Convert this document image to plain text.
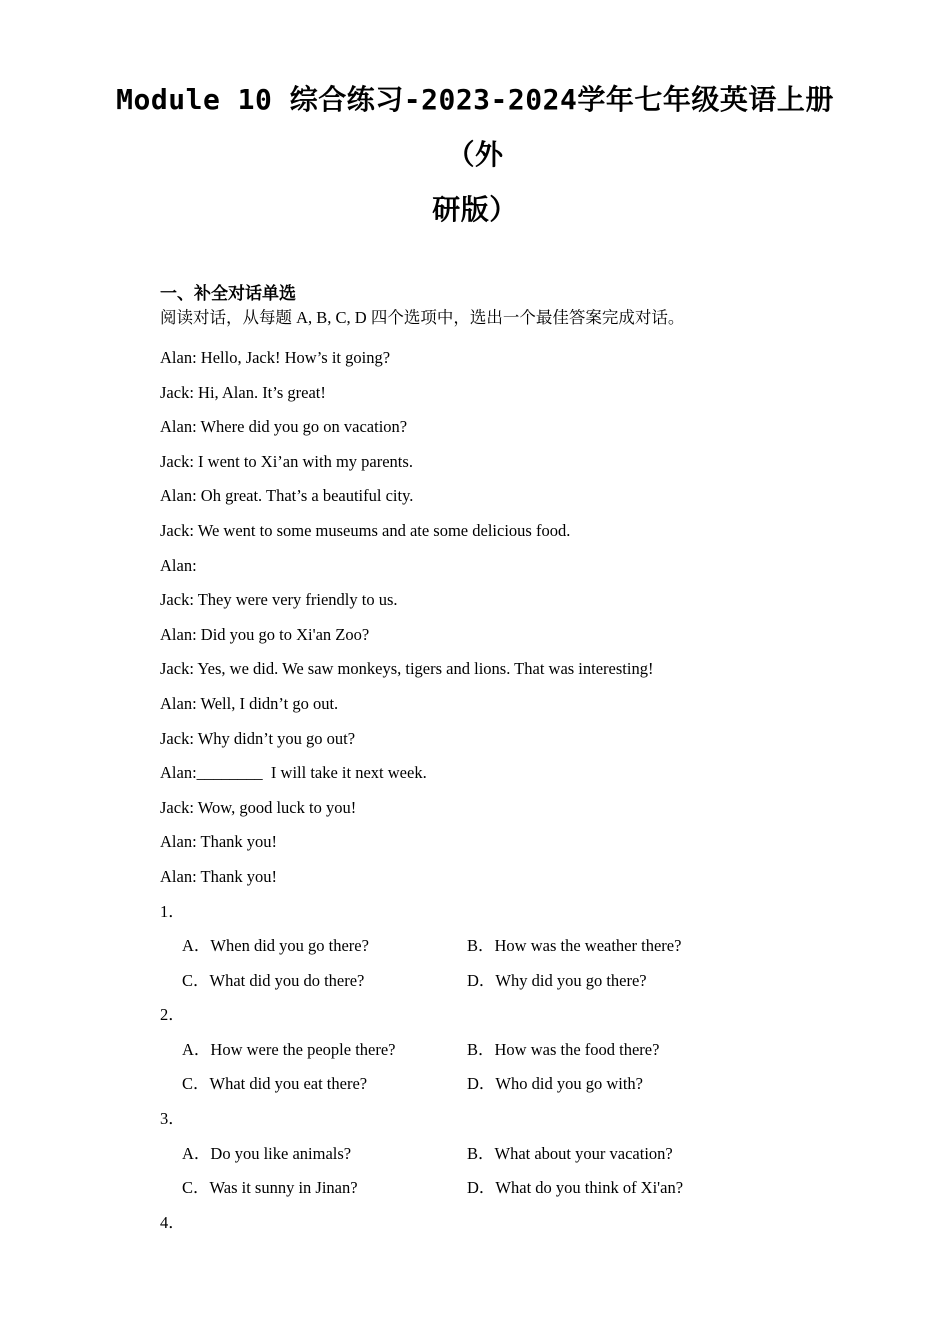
Module 10 综合练习-2023-2024学年七年级英语上册 （外
研版）

一、补全对话单选

阅读对话，从每题 A, B, C, D 四个选项中，选出一个最佳答案完成对话。

Alan: Hello, Jack! How’s it going?

Jack: Hi, Alan. It’s great!

Alan: Where did you go on vacation?

Jack: I went to Xi’an with my parents.

Alan: Oh great. That’s a beautiful city.

Jack: We went to some museums and ate some delicious food.

Alan:

Jack: They were very friendly to us.

Alan: Did you go to Xi'an Zoo?

Jack: Yes, we did. We saw monkeys, tigers and lions. That was interesting!

Alan: Well, I didn’t go out.

Jack: Why didn’t you go out?

Alan:________  I will take it next week.

Jack: Wow, good luck to you!

Alan: Thank you!

Alan: Thank you!

1．

A．When did you go there?	B．How was the weather there?

C．What did you do there?	D．Why did you go there?

2．

A．How were the people there?	B．How was the food there?

C．What did you eat there?	D．Who did you go with?

3．

A．Do you like animals?	B．What about your vacation?

C．Was it sunny in Jinan?	D．What do you think of Xi'an?

4．
